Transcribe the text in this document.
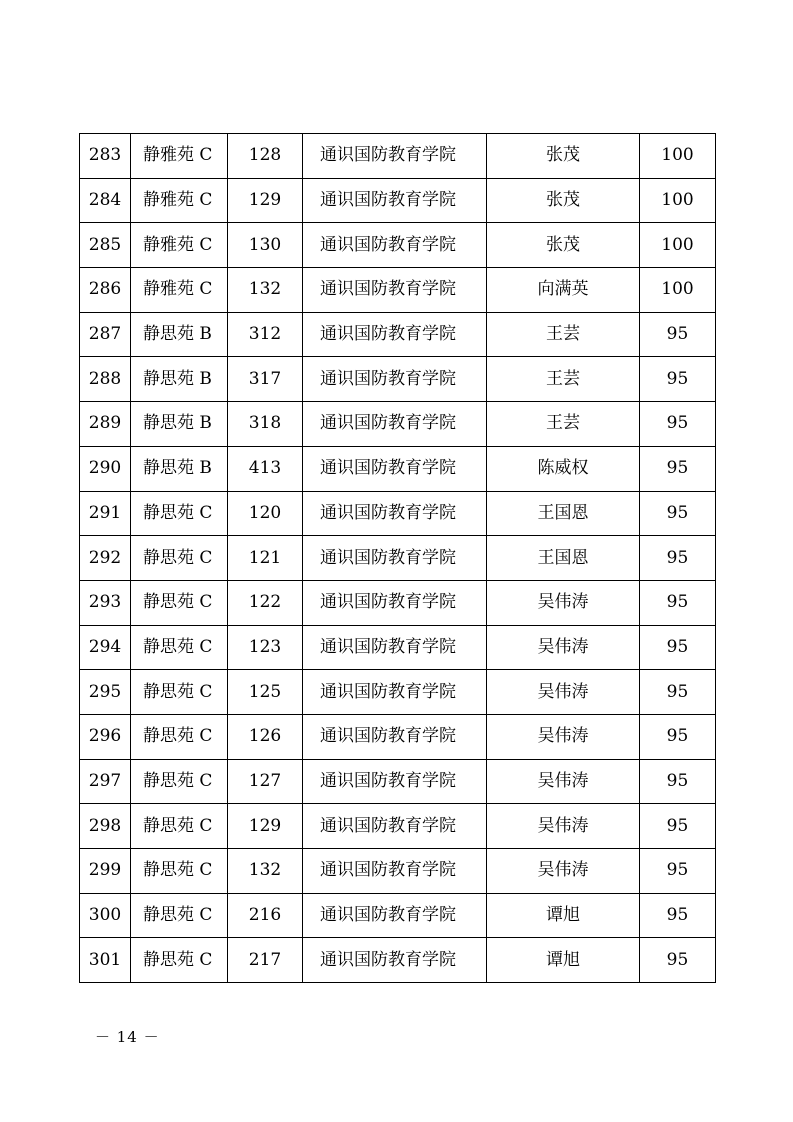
283	静雅苑 C	128	通识国防教育学院	张茂	100
284	静雅苑 C	129	通识国防教育学院	张茂	100
285	静雅苑 C	130	通识国防教育学院	张茂	100
286	静雅苑 C	132	通识国防教育学院	向满英	100
287	静思苑 B	312	通识国防教育学院	王芸	95
288	静思苑 B	317	通识国防教育学院	王芸	95
289	静思苑 B	318	通识国防教育学院	王芸	95
290	静思苑 B	413	通识国防教育学院	陈威权	95
291	静思苑 C	120	通识国防教育学院	王国恩	95
292	静思苑 C	121	通识国防教育学院	王国恩	95
293	静思苑 C	122	通识国防教育学院	吴伟涛	95
294	静思苑 C	123	通识国防教育学院	吴伟涛	95
295	静思苑 C	125	通识国防教育学院	吴伟涛	95
296	静思苑 C	126	通识国防教育学院	吴伟涛	95
297	静思苑 C	127	通识国防教育学院	吴伟涛	95
298	静思苑 C	129	通识国防教育学院	吴伟涛	95
299	静思苑 C	132	通识国防教育学院	吴伟涛	95
300	静思苑 C	216	通识国防教育学院	谭旭	95
301	静思苑 C	217	通识国防教育学院	谭旭	95
－ 14 －
